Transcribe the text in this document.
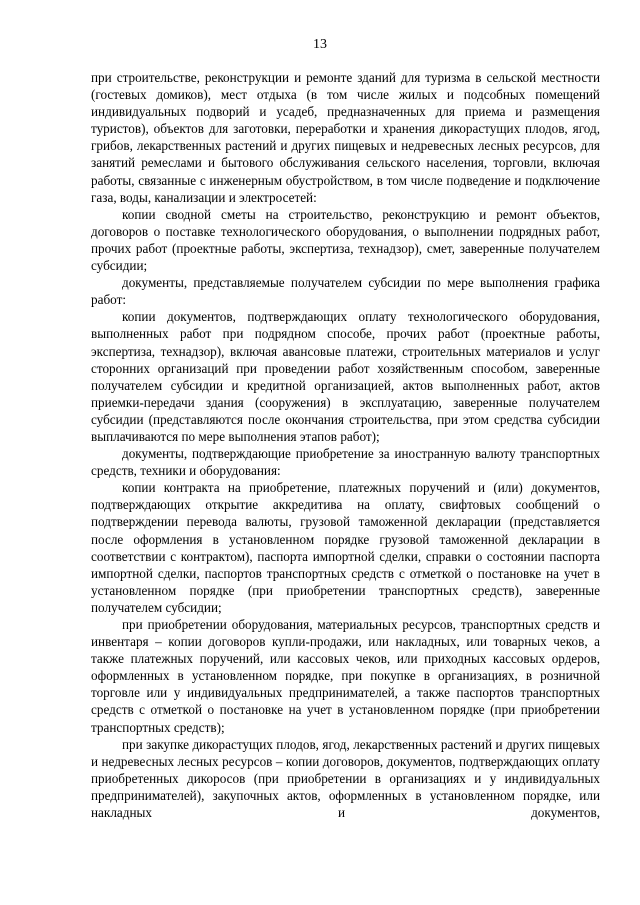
13

при строительстве, реконструкции и ремонте зданий для туризма в сельской местности (гостевых домиков), мест отдыха (в том числе жилых и подсобных помещений индивидуальных подворий и усадеб, предназначенных для приема и размещения туристов), объектов для заготовки, переработки и хранения дикорастущих плодов, ягод, грибов, лекарственных растений и других пищевых и недревесных лесных ресурсов, для занятий ремеслами и бытового обслуживания сельского населения, торговли, включая работы, связанные с инженерным обустройством, в том числе подведение и подключение газа, воды, канализации и электросетей:

копии сводной сметы на строительство, реконструкцию и ремонт объектов, договоров о поставке технологического оборудования, о выполнении подрядных работ, прочих работ (проектные работы, экспертиза, технадзор), смет, заверенные получателем субсидии;

документы, представляемые получателем субсидии по мере выполнения графика работ:

копии документов, подтверждающих оплату технологического оборудования, выполненных работ при подрядном способе, прочих работ (проектные работы, экспертиза, технадзор), включая авансовые платежи, строительных материалов и услуг сторонних организаций при проведении работ хозяйственным способом, заверенные получателем субсидии и кредитной организацией, актов выполненных работ, актов приемки-передачи здания (сооружения) в эксплуатацию, заверенные получателем субсидии (представляются после окончания строительства, при этом средства субсидии выплачиваются по мере выполнения этапов работ);

документы, подтверждающие приобретение за иностранную валюту транспортных средств, техники и оборудования:

копии контракта на приобретение, платежных поручений и (или) документов, подтверждающих открытие аккредитива на оплату, свифтовых сообщений о подтверждении перевода валюты, грузовой таможенной декларации (представляется после оформления в установленном порядке грузовой таможенной декларации в соответствии с контрактом), паспорта импортной сделки, справки о состоянии паспорта импортной сделки, паспортов транспортных средств с отметкой о постановке на учет в установленном порядке (при приобретении транспортных средств), заверенные получателем субсидии;

при приобретении оборудования, материальных ресурсов, транспортных средств и инвентаря – копии договоров купли-продажи, или накладных, или товарных чеков, а также платежных поручений, или кассовых чеков, или приходных кассовых ордеров, оформленных в установленном порядке, при покупке в организациях, в розничной торговле или у индивидуальных предпринимателей, а также паспортов транспортных средств с отметкой о постановке на учет в установленном порядке (при приобретении транспортных средств);

при закупке дикорастущих плодов, ягод, лекарственных растений и других пищевых и недревесных лесных ресурсов – копии договоров, документов, подтверждающих оплату приобретенных дикоросов (при приобретении в организациях и у индивидуальных предпринимателей), закупочных актов, оформленных в установленном порядке, или накладных и документов,
